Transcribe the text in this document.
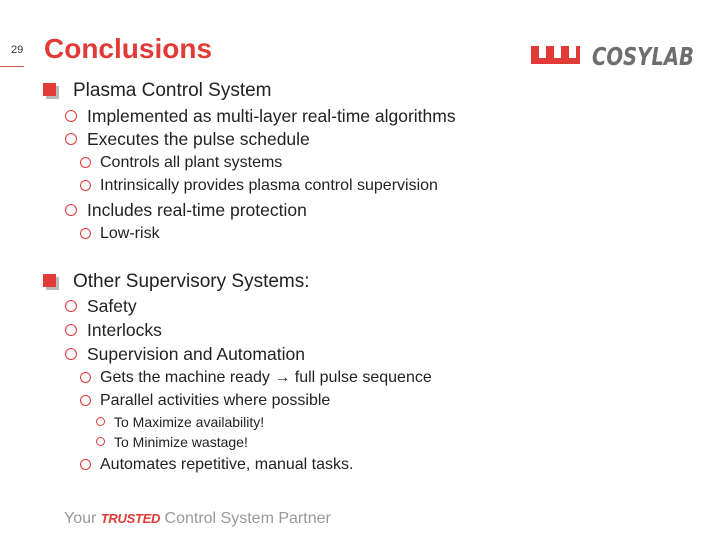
29 Conclusions	COSYLAB
Plasma Control System
Implemented as multi-layer real-time algorithms
Executes the pulse schedule
Controls all plant systems
Intrinsically provides plasma control supervision
Includes real-time protection
Low-risk
Other Supervisory Systems:
Safety
Interlocks
Supervision and Automation
Gets the machine ready → full pulse sequence
Parallel activities where possible
To Maximize availability!
To Minimize wastage!
Automates repetitive, manual tasks.
Your TRUSTED Control System Partner
